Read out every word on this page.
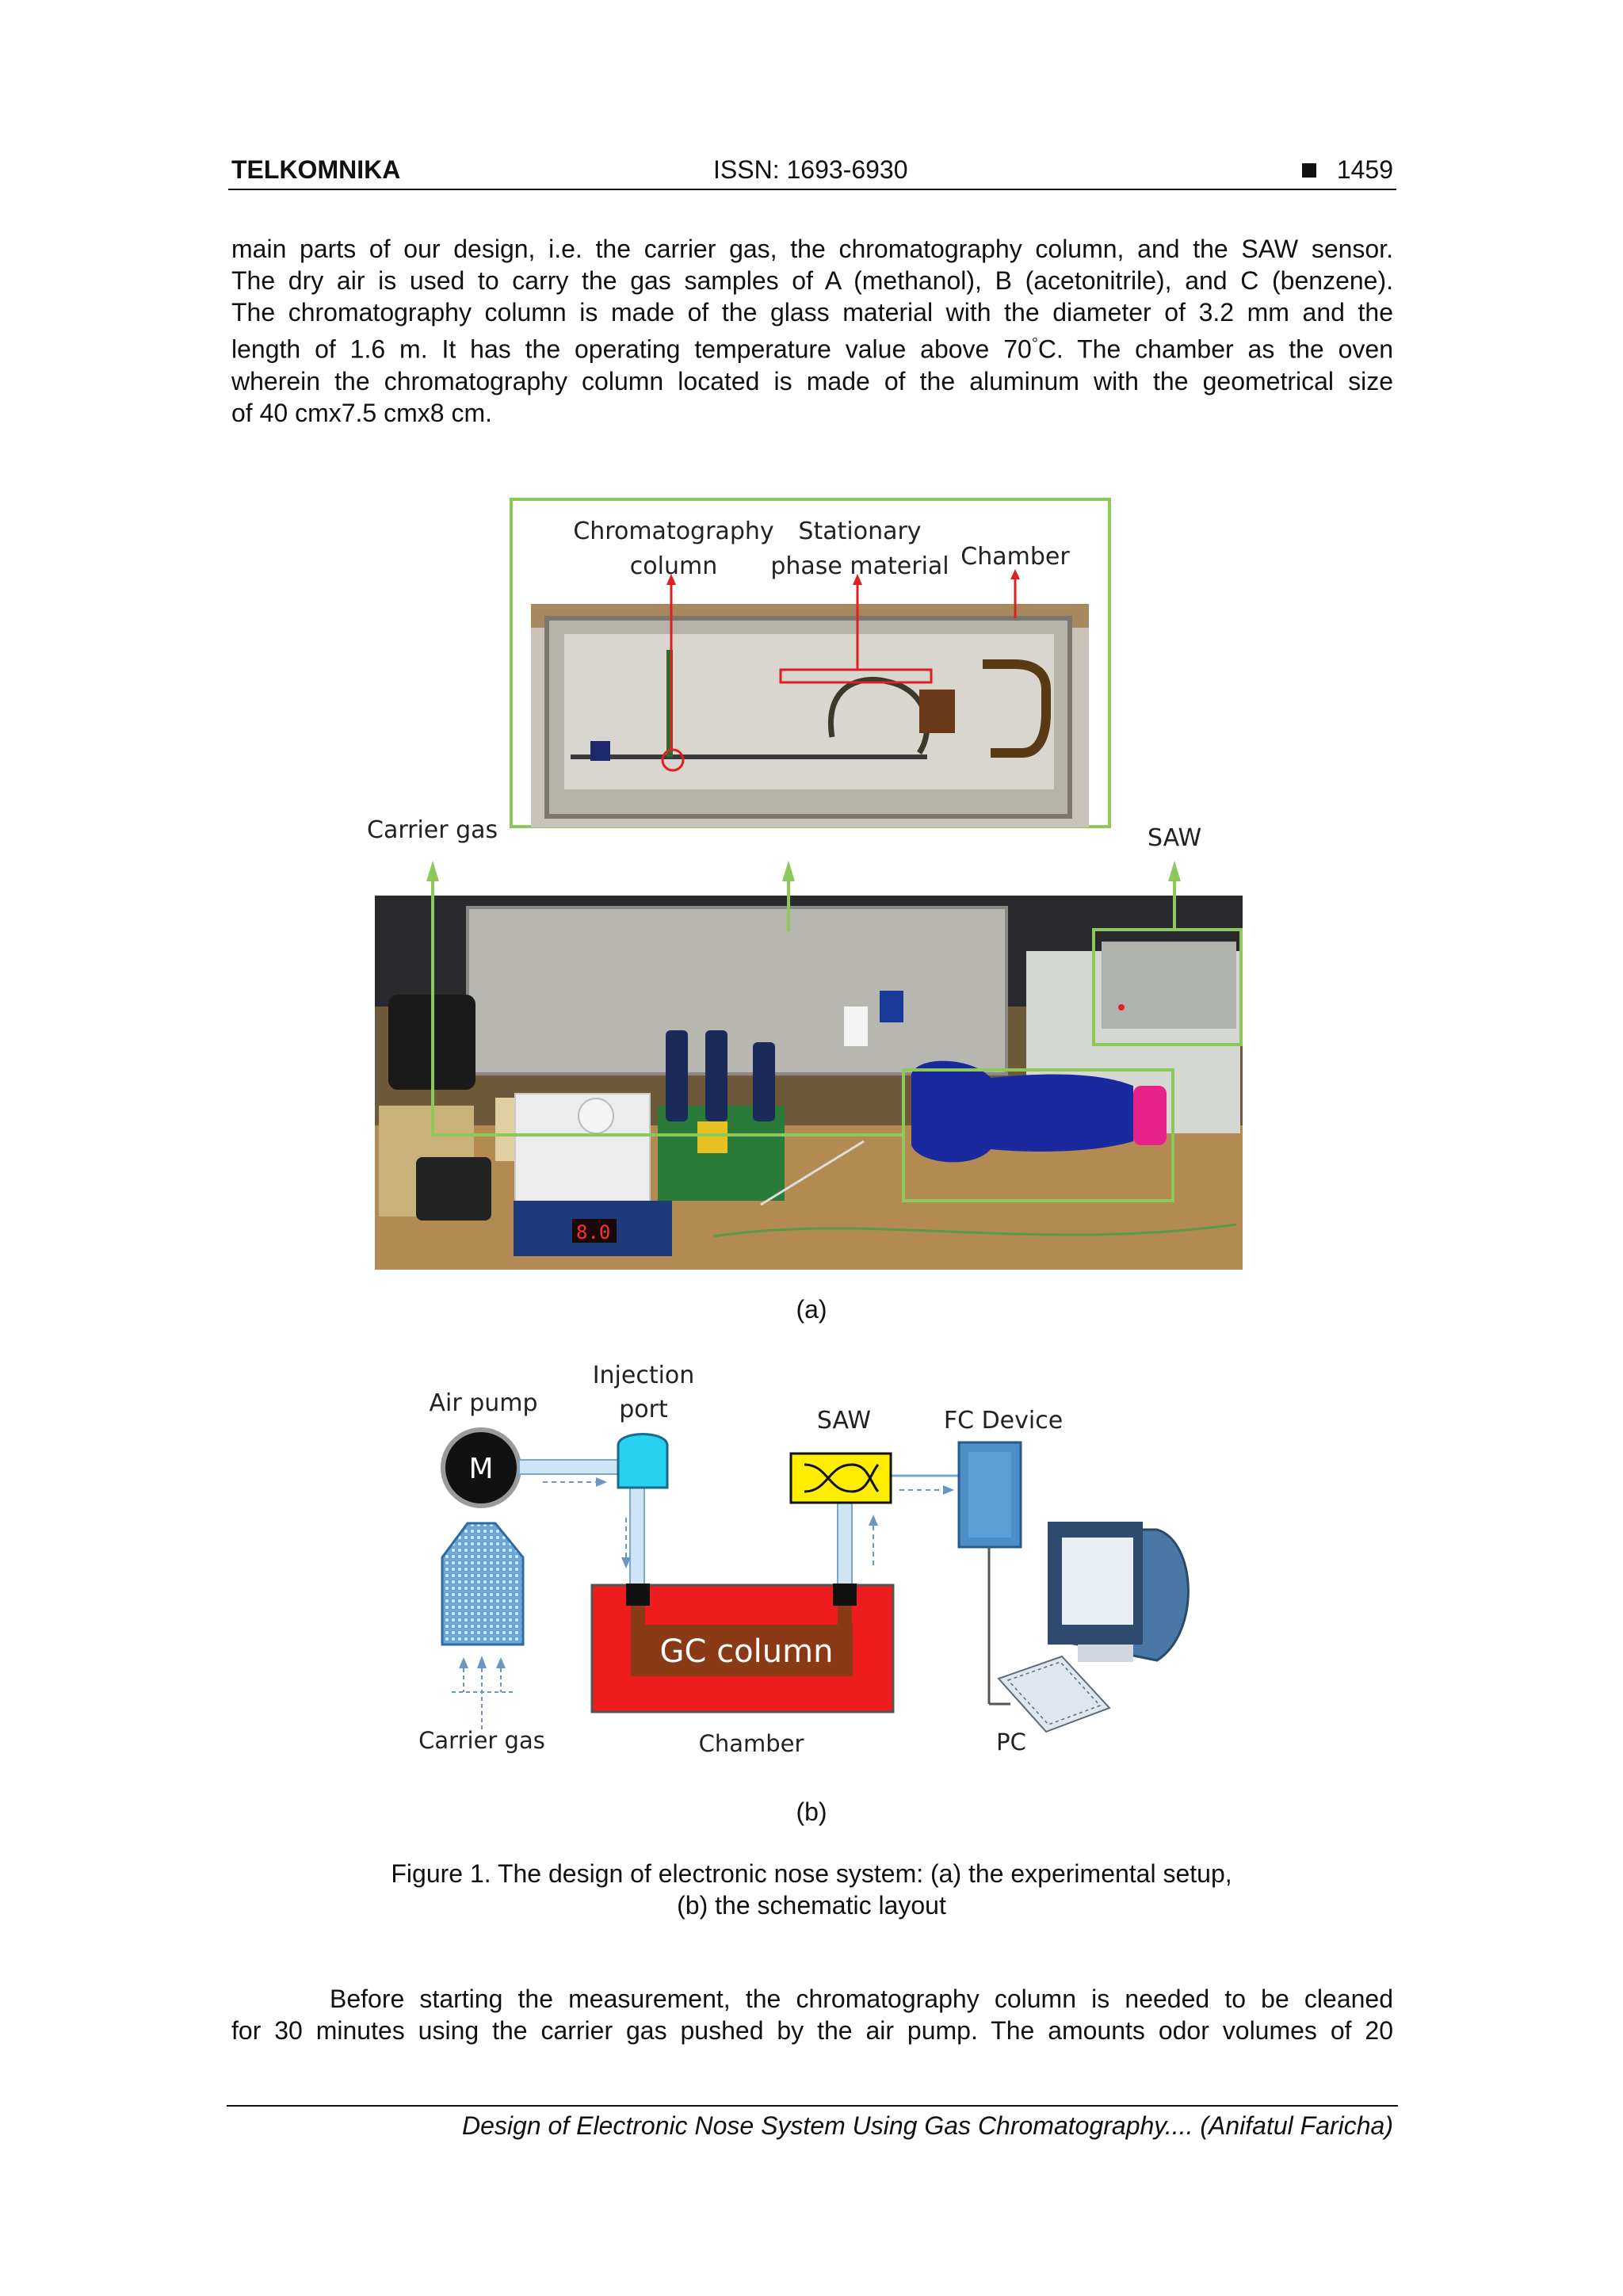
TELKOMNIKA	ISSN: 1693-6930	1459
main parts of our design, i.e. the carrier gas, the chromatography column, and the SAW sensor.
The dry air is used to carry the gas samples of A (methanol), B (acetonitrile), and C (benzene).
The chromatography column is made of the glass material with the diameter of 3.2 mm and the
length of 1.6 m. It has the operating temperature value above 70°C. The chamber as the oven
wherein the chromatography column located is made of the aluminum with the geometrical size
of 40 cmx7.5 cmx8 cm.
Chromatography
column
Stationary
phase material Chamber
Carrier gas	SAW
8.0
(a)
Air pump
Injection
port	SAW	FC Device
M
GC column
Carrier gas	Chamber	PC
(b)
Figure 1. The design of electronic nose system: (a) the experimental setup,
(b) the schematic layout
Before starting the measurement, the chromatography column is needed to be cleaned
for 30 minutes using the carrier gas pushed by the air pump. The amounts odor volumes of 20
Design of Electronic Nose System Using Gas Chromatography.... (Anifatul Faricha)
